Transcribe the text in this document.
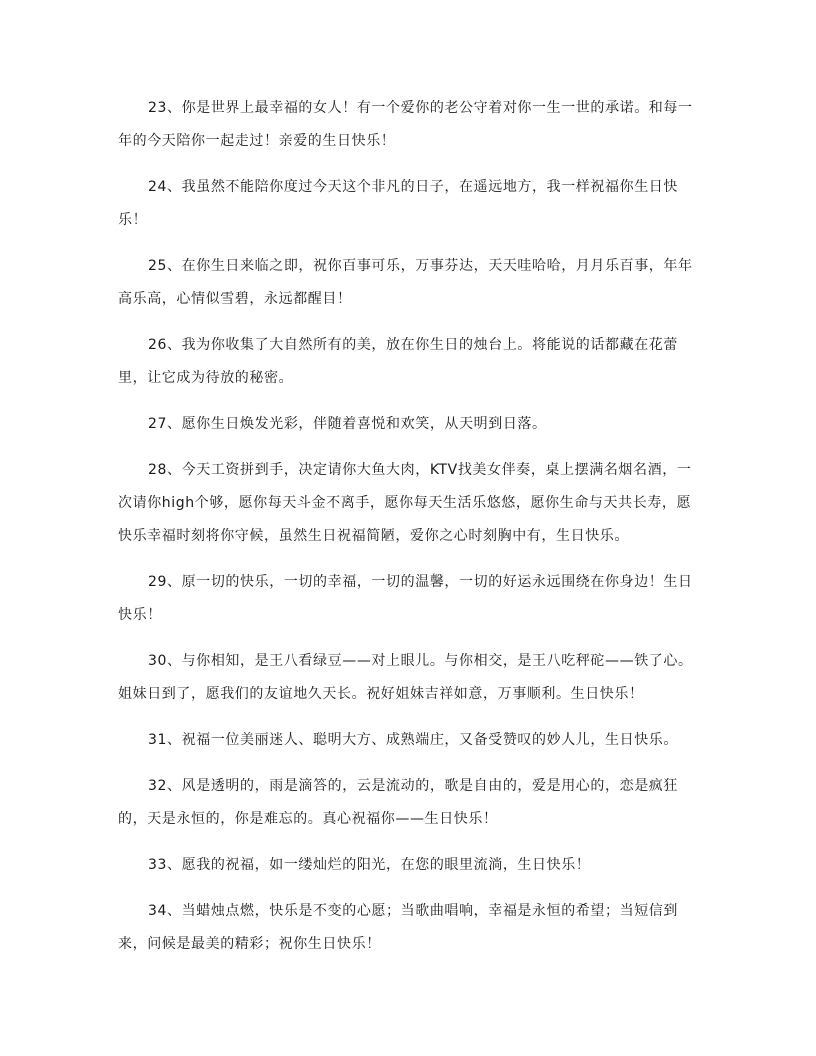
23、你是世界上最幸福的女人！有一个爱你的老公守着对你一生一世的承诺。和每一年的今天陪你一起走过！亲爱的生日快乐！

24、我虽然不能陪你度过今天这个非凡的日子，在遥远地方，我一样祝福你生日快乐！

25、在你生日来临之即，祝你百事可乐，万事芬达，天天哇哈哈，月月乐百事，年年高乐高，心情似雪碧，永远都醒目！

26、我为你收集了大自然所有的美，放在你生日的烛台上。将能说的话都藏在花蕾里，让它成为待放的秘密。

27、愿你生日焕发光彩，伴随着喜悦和欢笑，从天明到日落。

28、今天工资拼到手，决定请你大鱼大肉，KTV找美女伴奏，桌上摆满名烟名酒，一次请你high个够，愿你每天斗金不离手，愿你每天生活乐悠悠，愿你生命与天共长寿，愿快乐幸福时刻将你守候，虽然生日祝福简陋，爱你之心时刻胸中有，生日快乐。

29、原一切的快乐，一切的幸福，一切的温馨，一切的好运永远围绕在你身边！生日快乐！

30、与你相知，是王八看绿豆——对上眼儿。与你相交，是王八吃秤砣——铁了心。姐妹日到了，愿我们的友谊地久天长。祝好姐妹吉祥如意，万事顺利。生日快乐！

31、祝福一位美丽迷人、聪明大方、成熟端庄，又备受赞叹的妙人儿，生日快乐。

32、风是透明的，雨是滴答的，云是流动的，歌是自由的，爱是用心的，恋是疯狂的，天是永恒的，你是难忘的。真心祝福你——生日快乐！

33、愿我的祝福，如一缕灿烂的阳光，在您的眼里流淌，生日快乐！

34、当蜡烛点燃，快乐是不变的心愿；当歌曲唱响，幸福是永恒的希望；当短信到来，问候是最美的精彩；祝你生日快乐！
